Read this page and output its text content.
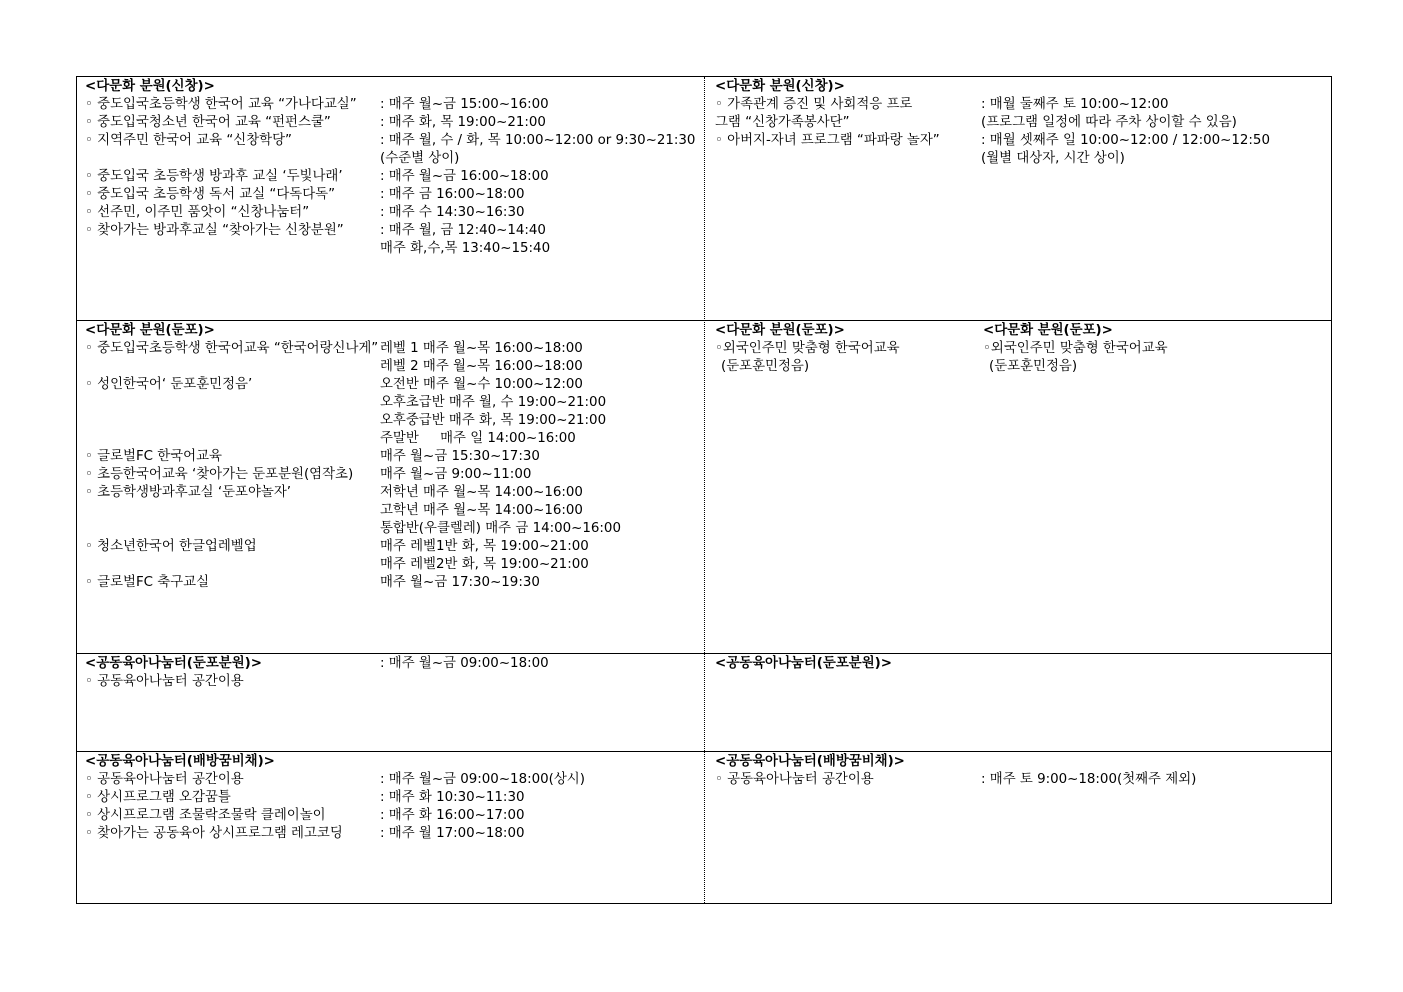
<다문화 분원(신창)>
◦ 중도입국초등학생 한국어 교육 “가나다교실” : 매주 월~금 15:00~16:00
◦ 중도입국청소년 한국어 교육 “펀펀스쿨”	: 매주 화, 목 19:00~21:00
◦ 지역주민 한국어 교육 “신창학당”	: 매주 월, 수 / 화, 목 10:00~12:00 or 9:30~21:30
(수준별 상이)
◦ 중도입국 초등학생 방과후 교실 ‘두빛나래’	: 매주 월~금 16:00~18:00
◦ 중도입국 초등학생 독서 교실 “다독다독”	: 매주 금 16:00~18:00
◦ 선주민, 이주민 품앗이 “신창나눔터”	: 매주 수 14:30~16:30
◦ 찾아가는 방과후교실 “찾아가는 신창분원”	: 매주 월, 금 12:40~14:40
매주 화,수,목 13:40~15:40
<다문화 분원(신창)>
◦ 가족관계 증진 및 사회적응 프로	: 매월 둘째주 토 10:00~12:00
그램 “신창가족봉사단”	(프로그램 일정에 따라 주차 상이할 수 있음)
◦ 아버지-자녀 프로그램 “파파랑 놀자”	: 매월 셋째주 일 10:00~12:00 / 12:00~12:50
(월별 대상자, 시간 상이)
<다문화 분원(둔포)>
◦ 중도입국초등학생 한국어교육 “한국어랑신나게” 레벨 1 매주 월~목 16:00~18:00
레벨 2 매주 월~목 16:00~18:00
◦ 성인한국어‘ 둔포훈민정음’	오전반 매주 월~수 10:00~12:00
오후초급반 매주 월, 수 19:00~21:00
오후중급반 매주 화, 목 19:00~21:00
주말반     매주 일 14:00~16:00
◦ 글로벌FC 한국어교육	매주 월~금 15:30~17:30
◦ 초등한국어교육 ‘찾아가는 둔포분원(염작초) 매주 월~금 9:00~11:00
◦ 초등학생방과후교실 ‘둔포야놀자’	저학년 매주 월~목 14:00~16:00
고학년 매주 월~목 14:00~16:00
통합반(우클렐레) 매주 금 14:00~16:00
◦ 청소년한국어 한글업레벨업	매주 레벨1반 화, 목 19:00~21:00
매주 레벨2반 화, 목 19:00~21:00
◦ 글로벌FC 축구교실	매주 월~금 17:30~19:30
<다문화 분원(둔포)>	<다문화 분원(둔포)>
◦외국인주민 맞춤형 한국어교육	◦외국인주민 맞춤형 한국어교육
(둔포훈민정음)	(둔포훈민정음)
<공동육아나눔터(둔포분원)>	: 매주 월~금 09:00~18:00
◦ 공동육아나눔터 공간이용
<공동육아나눔터(둔포분원)>
<공동육아나눔터(배방꿈비채)>
◦ 공동육아나눔터 공간이용	: 매주 월~금 09:00~18:00(상시)
◦ 상시프로그램 오감꿈틀	: 매주 화 10:30~11:30
◦ 상시프로그램 조물락조물락 클레이놀이	: 매주 화 16:00~17:00
◦ 찾아가는 공동육아 상시프로그램 레고코딩	: 매주 월 17:00~18:00
<공동육아나눔터(배방꿈비채)>
◦ 공동육아나눔터 공간이용	: 매주 토 9:00~18:00(첫째주 제외)
